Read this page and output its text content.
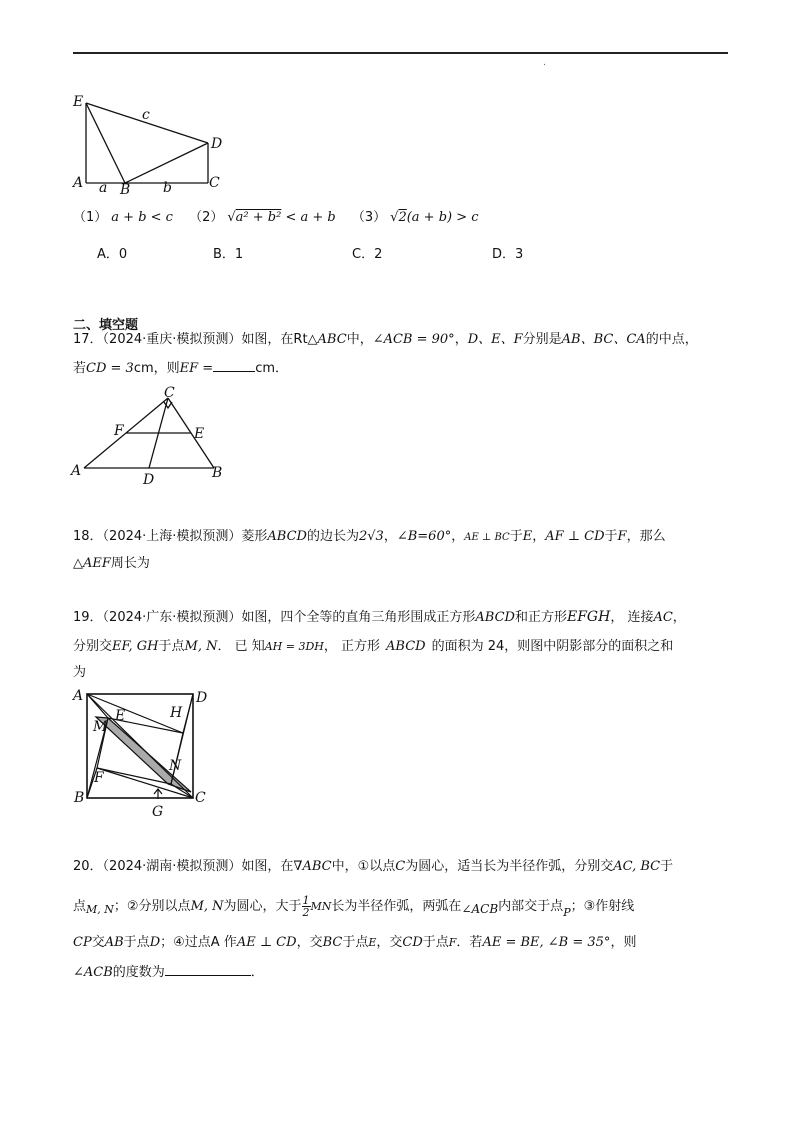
.
E
D
A	B	C
a	b
c
（1） a + b < c （2） √a² + b² < a + b （3） √2(a + b) > c
A．0	B．1	C．2	D．3
二、填空题
17．（2024·重庆·模拟预测）如图，在Rt△ABC中，∠ACB = 90°，D、E、F分别是AB、BC、CA的中点，
若CD = 3cm，则EF =	cm．
C
F	E
A
D	B
18．（2024·上海·模拟预测）菱形ABCD的边长为2√3，∠B=60°，AE ⊥ BC于E，AF ⊥ CD于F，那么
△AEF周长为
19．（2024·广东·模拟预测）如图，四个全等的直角三角形围成正方形ABCD和正方形EFGH， 连接AC，
分别交EF, GH于点M, N． 已 知AH = 3DH， 正方形 ABCD 的面积为 24，则图中阴影部分的面积之和
为
A	D
E	H
M
N
F
B	C
G
20．（2024·湖南·模拟预测）如图，在∇ABC中，①以点C为圆心，适当长为半径作弧，分别交AC, BC于
点$_{M, N}$；②分别以点M, N为圆心，大于 $\frac{1}{2}$ MN长为半径作弧，两弧在∠ACB内部交于点$_P$；③作射线
CP交AB于点D；④过点A 作AE ⊥ CD，交BC于点E，交CD于点F．若AE = BE, ∠B = 35°，则
∠ACB的度数为	．
